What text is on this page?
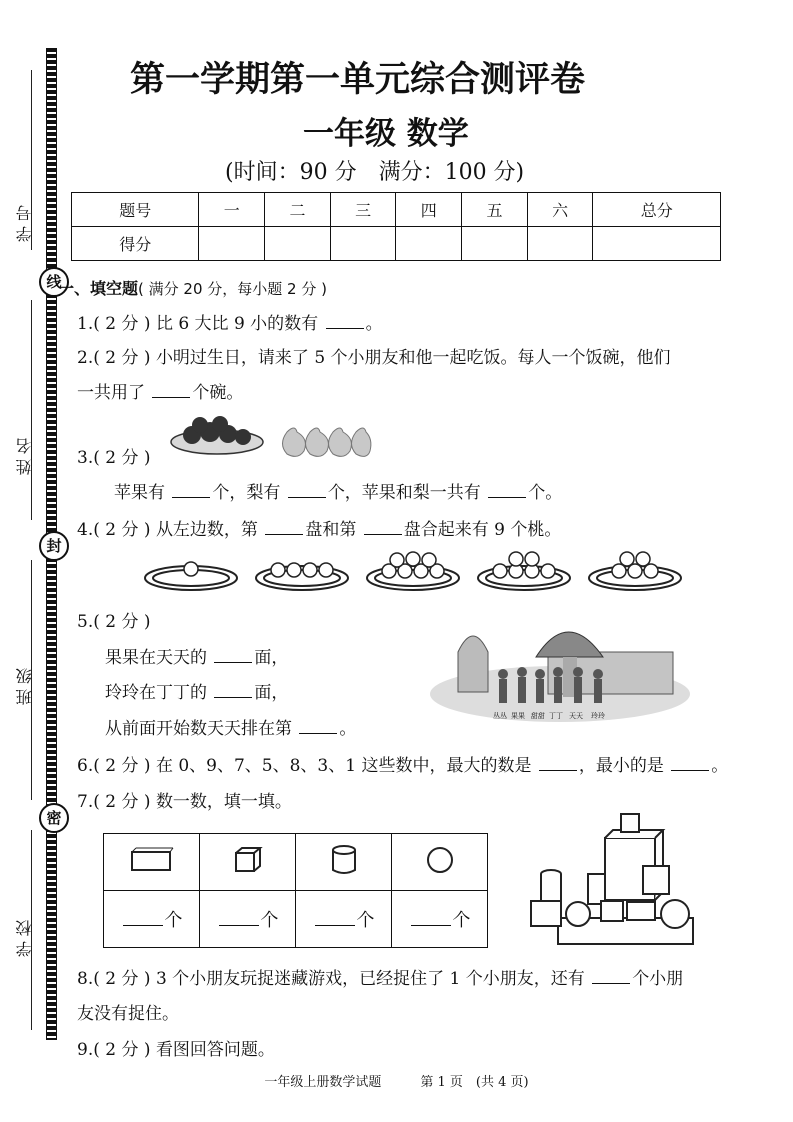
学 号
姓 名
班 级
学 校
线
封
密
第一学期第一单元综合测评卷
一年级 数学
(时间：90 分　满分：100 分)
题号	一	二	三	四	五	六	总分
得分							
一、填空题( 满分 20 分，每小题 2 分 )
1.( 2 分 ) 比 6 大比 9 小的数有	。
2.( 2 分 ) 小明过生日，请来了 5 个小朋友和他一起吃饭。每人一个饭碗，他们
一共用了	个碗。
3.( 2 分 )
苹果有	个，梨有	个，苹果和梨一共有	个。
4.( 2 分 ) 从左边数，第	盘和第	盘合起来有 9 个桃。
5.( 2 分 )
果果在天天的	面，
玲玲在丁丁的	面，
从前面开始数天天排在第	。
丛丛 果果 甜甜 丁丁 天天 玲玲
6.( 2 分 ) 在 0、9、7、5、8、3、1 这些数中，最大的数是	，最小的是	。
7.( 2 分 ) 数一数，填一填。

个	个	个	个
8.( 2 分 ) 3 个小朋友玩捉迷藏游戏，已经捉住了 1 个小朋友，还有	个小朋
友没有捉住。
9.( 2 分 ) 看图回答问题。
一年级上册数学试题　　　第 1 页　(共 4 页)
